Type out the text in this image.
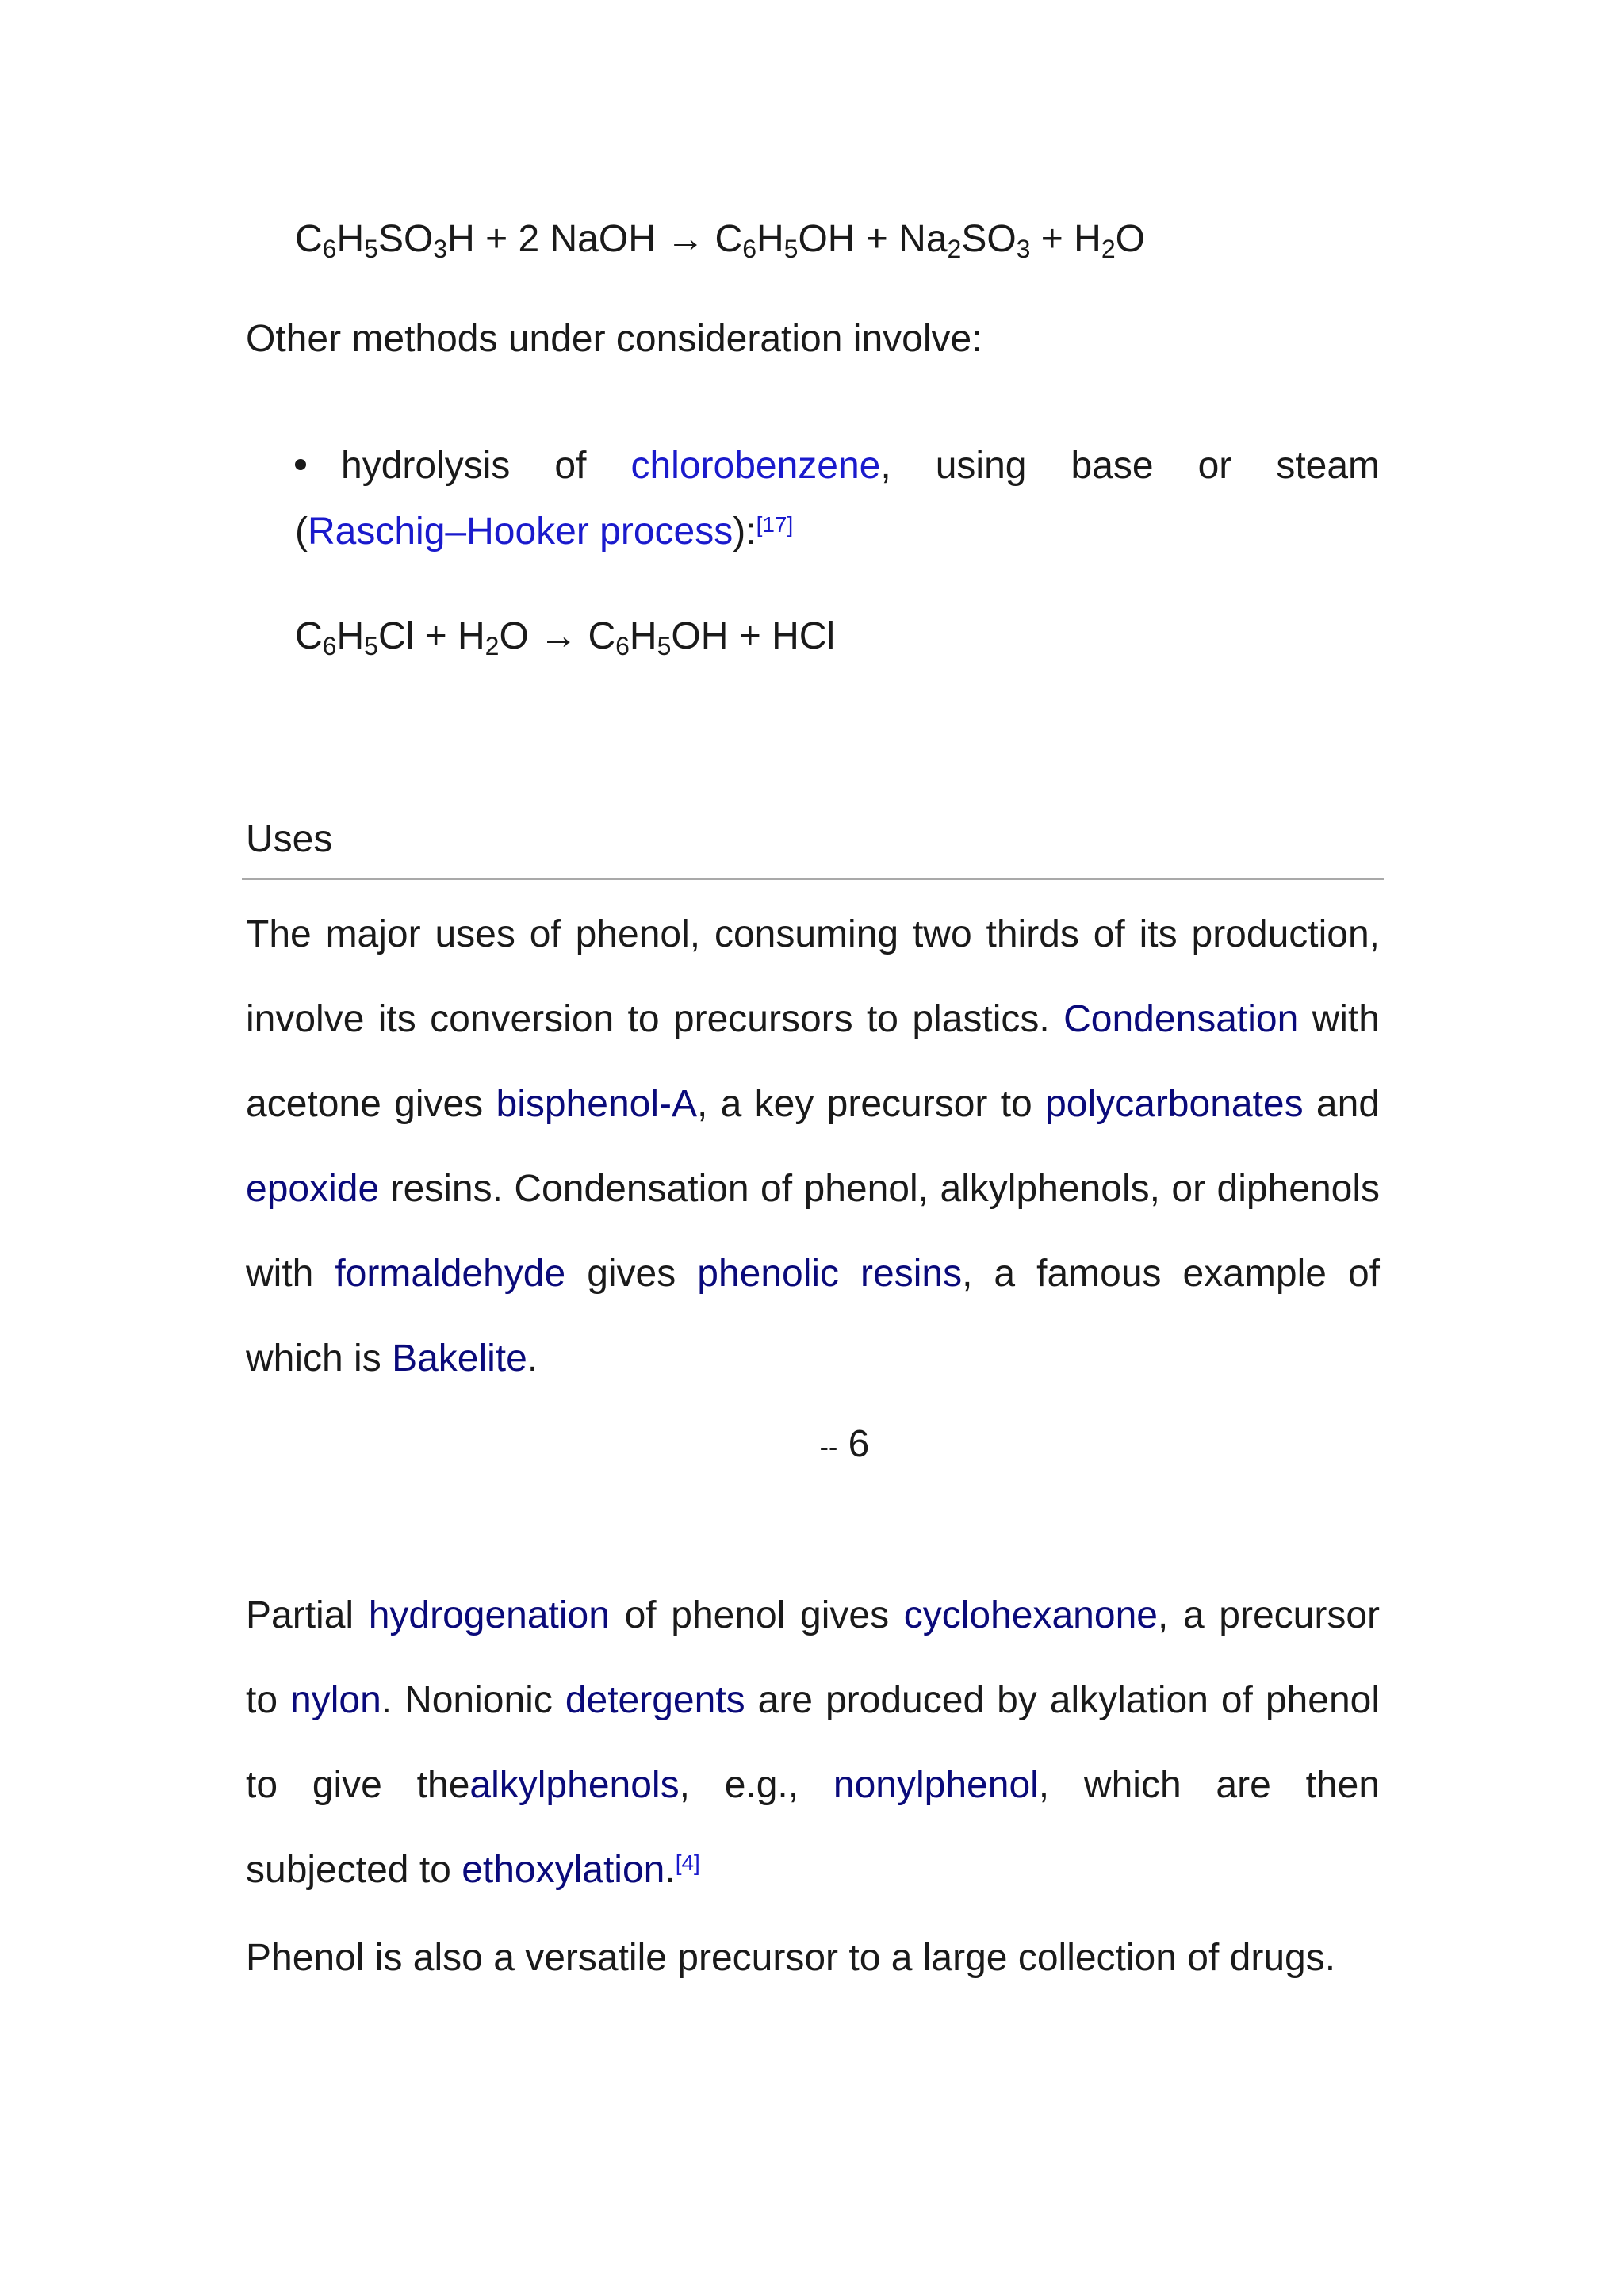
$C_6H_5SO_3H + 2$ NaOH → $C_6H_5OH + Na_2SO_3 + H_2O$
Other methods under consideration involve:
hydrolysis of chlorobenzene, using base or steam
(Raschig–Hooker process):[17]
$C_6H_5Cl + H_2O \to C_6H_5OH$ + HCl
Uses
The major uses of phenol, consuming two thirds of its production, involve its conversion to precursors to plastics. Condensation with acetone gives bisphenol-A, a key precursor to polycarbonates and epoxide resins. Condensation of phenol, alkylphenols, or diphenols with formaldehyde gives phenolic resins, a famous example of which is Bakelite.
-- 6
Partial hydrogenation of phenol gives cyclohexanone, a precursor to nylon. Nonionic detergents are produced by alkylation of phenol to give thealkylphenols, e.g., nonylphenol, which are then subjected to ethoxylation.[4]
Phenol is also a versatile precursor to a large collection of drugs.
